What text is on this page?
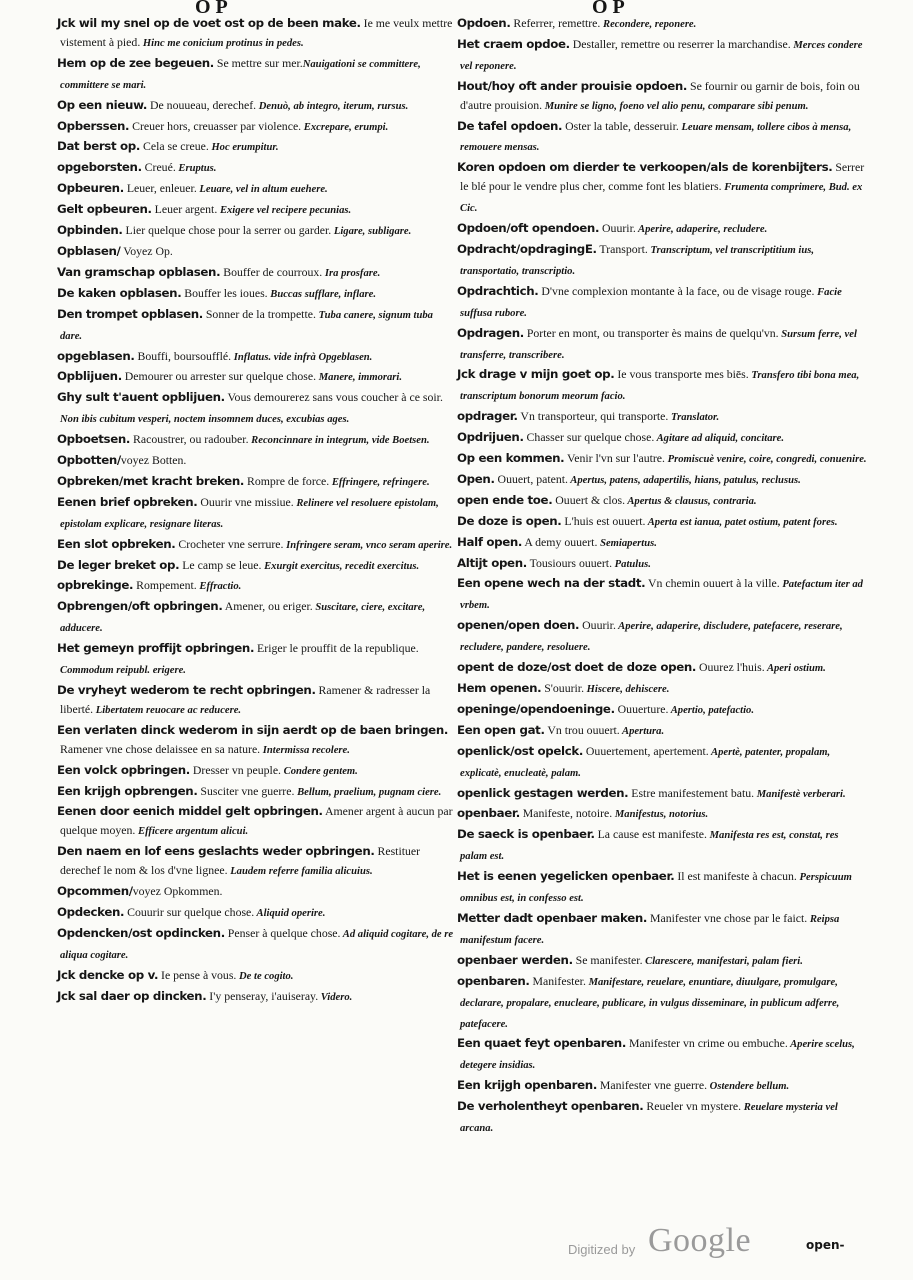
O P	O P

Jck wil my snel op de voet ost op de been make. Ie me veulx mettre vistement à pied. Hinc me conicium protinus in pedes.

Hem op de zee begeuen. Se mettre sur mer.Nauigationi se committere, committere se mari.

Op een nieuw. De nouueau, derechef. Denuò, ab integro, iterum, rursus.

Opberssen. Creuer hors, creuasser par violence. Excrepare, erumpi.

Dat berst op. Cela se creue. Hoc erumpitur.

opgeborsten. Creué. Eruptus.

Opbeuren. Leuer, enleuer. Leuare, vel in altum euehere.

Gelt opbeuren. Leuer argent. Exigere vel recipere pecunias.

Opbinden. Lier quelque chose pour la serrer ou garder. Ligare, subligare.

Opblasen/ Voyez Op.

Van gramschap opblasen. Bouffer de courroux. Ira prosfare.

De kaken opblasen. Bouffer les ioues. Buccas sufflare, inflare.

Den trompet opblasen. Sonner de la trompette. Tuba canere, signum tuba dare.

opgeblasen. Bouffi, boursoufflé. Inflatus. vide infrà Opgeblasen.

Opblijuen. Demourer ou arrester sur quelque chose. Manere, immorari.

Ghy sult t'auent opblijuen. Vous demourerez sans vous coucher à ce soir. Non ibis cubitum vesperi, noctem insomnem duces, excubias ages.

Opboetsen. Racoustrer, ou radouber. Reconcinnare in integrum, vide Boetsen.

Opbotten/voyez Botten.

Opbreken/met kracht breken. Rompre de force. Effringere, refringere.

Eenen brief opbreken. Ouurir vne missiue. Relinere vel resoluere epistolam, epistolam explicare, resignare literas.

Een slot opbreken. Crocheter vne serrure. Infringere seram, vnco seram aperire.

De leger breket op. Le camp se leue. Exurgit exercitus, recedit exercitus.

opbrekinge. Rompement. Effractio.

Opbrengen/oft opbringen. Amener, ou eriger. Suscitare, ciere, excitare, adducere.

Het gemeyn proffijt opbringen. Eriger le prouffit de la republique. Commodum reipubl. erigere.

De vryheyt wederom te recht opbringen. Ramener & radresser la liberté. Libertatem reuocare ac reducere.

Een verlaten dinck wederom in sijn aerdt op de baen bringen. Ramener vne chose delaissee en sa nature. Intermissa recolere.

Een volck opbringen. Dresser vn peuple. Condere gentem.

Een krijgh opbrengen. Susciter vne guerre. Bellum, praelium, pugnam ciere.

Eenen door eenich middel gelt opbringen. Amener argent à aucun par quelque moyen. Efficere argentum alicui.

Den naem en lof eens geslachts weder opbringen. Restituer derechef le nom & los d'vne lignee. Laudem referre familia alicuius.

Opcommen/voyez Opkommen.

Opdecken. Couurir sur quelque chose. Aliquid operire.

Opdencken/ost opdincken. Penser à quelque chose. Ad aliquid cogitare, de re aliqua cogitare.

Jck dencke op v. Ie pense à vous. De te cogito.

Jck sal daer op dincken. I'y penseray, i'auiseray. Videro.

Opdoen. Referrer, remettre. Recondere, reponere.

Het craem opdoe. Destaller, remettre ou reserrer la marchandise. Merces condere vel reponere.

Hout/hoy oft ander prouisie opdoen. Se fournir ou garnir de bois, foin ou d'autre prouision. Munire se ligno, foeno vel alio penu, comparare sibi penum.

De tafel opdoen. Oster la table, desseruir. Leuare mensam, tollere cibos à mensa, remouere mensas.

Koren opdoen om dierder te verkoopen/als de korenbijters. Serrer le blé pour le vendre plus cher, comme font les blatiers. Frumenta comprimere, Bud. ex Cic.

Opdoen/oft opendoen. Ouurir. Aperire, adaperire, recludere.

Opdracht/opdragingE. Transport. Transcriptum, vel transcriptitium ius, transportatio, transcriptio.

Opdrachtich. D'vne complexion montante à la face, ou de visage rouge. Facie suffusa rubore.

Opdragen. Porter en mont, ou transporter ès mains de quelqu'vn. Sursum ferre, vel transferre, transcribere.

Jck drage v mijn goet op. Ie vous transporte mes biēs. Transfero tibi bona mea, transcriptum bonorum meorum facio.

opdrager. Vn transporteur, qui transporte. Translator.

Opdrijuen. Chasser sur quelque chose. Agitare ad aliquid, concitare.

Op een kommen. Venir l'vn sur l'autre. Promiscuè venire, coire, congredi, conuenire.

Open. Ouuert, patent. Apertus, patens, adapertilis, hians, patulus, reclusus.

open ende toe. Ouuert & clos. Apertus & clausus, contraria.

De doze is open. L'huis est ouuert. Aperta est ianua, patet ostium, patent fores.

Half open. A demy ouuert. Semiapertus.

Altijt open. Tousiours ouuert. Patulus.

Een opene wech na der stadt. Vn chemin ouuert à la ville. Patefactum iter ad vrbem.

openen/open doen. Ouurir. Aperire, adaperire, discludere, patefacere, reserare, recludere, pandere, resoluere.

opent de doze/ost doet de doze open. Ouurez l'huis. Aperi ostium.

Hem openen. S'ouurir. Hiscere, dehiscere.

openinge/opendoeninge. Ouuerture. Apertio, patefactio.

Een open gat. Vn trou ouuert. Apertura.

openlick/ost opelck. Ouuertement, apertement. Apertè, patenter, propalam, explicatè, enucleatè, palam.

openlick gestagen werden. Estre manifestement batu. Manifestè verberari.

openbaer. Manifeste, notoire. Manifestus, notorius.

De saeck is openbaer. La cause est manifeste. Manifesta res est, constat, res palam est.

Het is eenen yegelicken openbaer. Il est manifeste à chacun. Perspicuum omnibus est, in confesso est.

Metter dadt openbaer maken. Manifester vne chose par le faict. Reipsa manifestum facere.

openbaer werden. Se manifester. Clarescere, manifestari, palam fieri.

openbaren. Manifester. Manifestare, reuelare, enuntiare, diuulgare, promulgare, declarare, propalare, enucleare, publicare, in vulgus disseminare, in publicum adferre, patefacere.

Een quaet feyt openbaren. Manifester vn crime ou embuche. Aperire scelus, detegere insidias.

Een krijgh openbaren. Manifester vne guerre. Ostendere bellum.

De verholentheyt openbaren. Reueler vn mystere. Reuelare mysteria vel arcana.

Digitized by Google	open-
